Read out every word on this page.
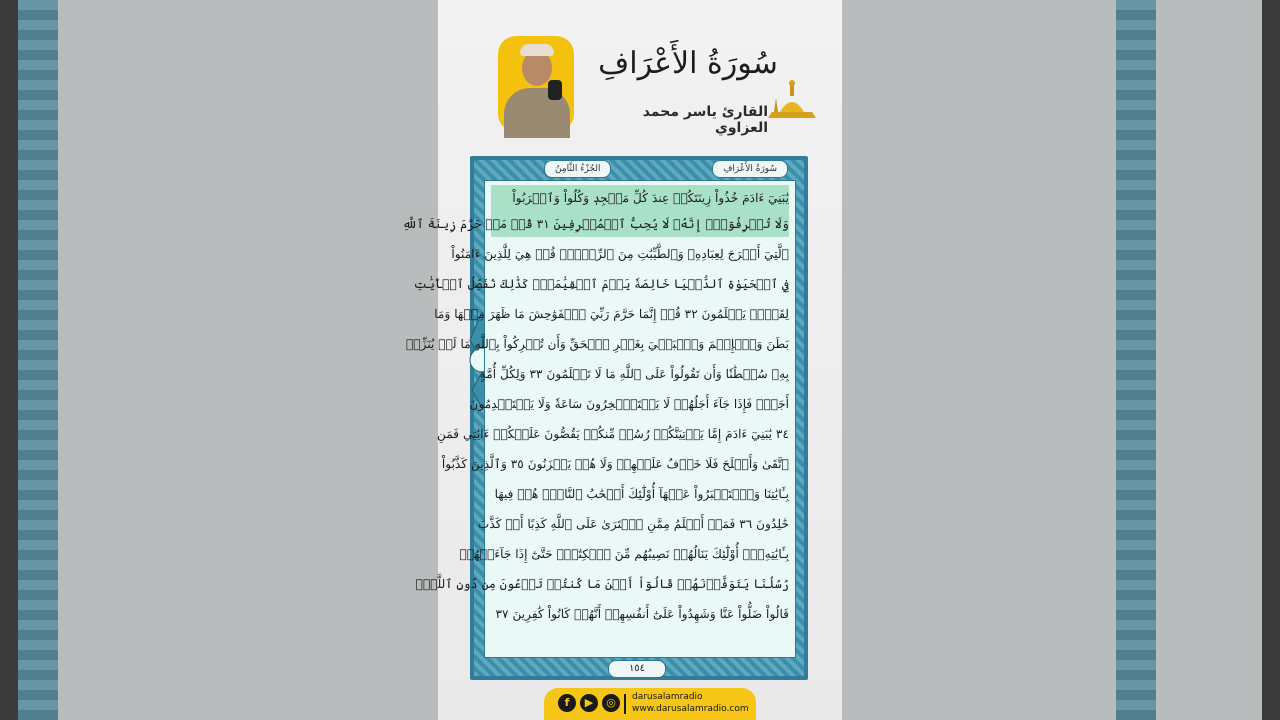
سُورَةُ الأَعْرَافِ
القارئ ياسر محمد العزاوي
الجُزْءُ الثَّامِنُ	سُورَةُ الأَعْرَافِ
يَٰبَنِيٓ ءَادَمَ خُذُواْ زِينَتَكُمۡ عِندَ كُلِّ مَسۡجِدٖ وَكُلُواْ وَٱشۡرَبُواْ
وَلَا تُسۡرِفُوٓاْۚ إِنَّهُۥ لَا يُحِبُّ ٱلۡمُسۡرِفِينَ ٣١ قُلۡ مَنۡ حَرَّمَ زِينَةَ ٱللَّهِ
ٱلَّتِيٓ أَخۡرَجَ لِعِبَادِهِۦ وَٱلطَّيِّبَٰتِ مِنَ ٱلرِّزۡقِۚ قُلۡ هِيَ لِلَّذِينَ ءَامَنُواْ
فِي ٱلۡحَيَوٰةِ ٱلدُّنۡيَا خَالِصَةٗ يَوۡمَ ٱلۡقِيَٰمَةِۗ كَذَٰلِكَ نُفَصِّلُ ٱلۡأٓيَٰتِ
لِقَوۡمٖ يَعۡلَمُونَ ٣٢ قُلۡ إِنَّمَا حَرَّمَ رَبِّيَ ٱلۡفَوَٰحِشَ مَا ظَهَرَ مِنۡهَا وَمَا
بَطَنَ وَٱلۡإِثۡمَ وَٱلۡبَغۡيَ بِغَيۡرِ ٱلۡحَقِّ وَأَن تُشۡرِكُواْ بِٱللَّهِ مَا لَمۡ يُنَزِّلۡ
بِهِۦ سُلۡطَٰنٗا وَأَن تَقُولُواْ عَلَى ٱللَّهِ مَا لَا تَعۡلَمُونَ ٣٣ وَلِكُلِّ أُمَّةٍ
أَجَلٞۖ فَإِذَا جَآءَ أَجَلُهُمۡ لَا يَسۡتَـٔۡخِرُونَ سَاعَةٗ وَلَا يَسۡتَقۡدِمُونَ
٣٤ يَٰبَنِيٓ ءَادَمَ إِمَّا يَأۡتِيَنَّكُمۡ رُسُلٞ مِّنكُمۡ يَقُصُّونَ عَلَيۡكُمۡ ءَايَٰتِي فَمَنِ
ٱتَّقَىٰ وَأَصۡلَحَ فَلَا خَوۡفٌ عَلَيۡهِمۡ وَلَا هُمۡ يَحۡزَنُونَ ٣٥ وَٱلَّذِينَ كَذَّبُواْ
بِـَٔايَٰتِنَا وَٱسۡتَكۡبَرُواْ عَنۡهَآ أُوْلَٰٓئِكَ أَصۡحَٰبُ ٱلنَّارِۖ هُمۡ فِيهَا
خَٰلِدُونَ ٣٦ فَمَنۡ أَظۡلَمُ مِمَّنِ ٱفۡتَرَىٰ عَلَى ٱللَّهِ كَذِبًا أَوۡ كَذَّبَ
بِـَٔايَٰتِهِۦٓۚ أُوْلَٰٓئِكَ يَنَالُهُمۡ نَصِيبُهُم مِّنَ ٱلۡكِتَٰبِۖ حَتَّىٰٓ إِذَا جَآءَتۡهُمۡ
رُسُلُنَا يَتَوَفَّوۡنَهُمۡ قَالُوٓاْ أَيۡنَ مَا كُنتُمۡ تَدۡعُونَ مِن دُونِ ٱللَّهِۖ
قَالُواْ ضَلُّواْ عَنَّا وَشَهِدُواْ عَلَىٰٓ أَنفُسِهِمۡ أَنَّهُمۡ كَانُواْ كَٰفِرِينَ ٣٧
١٥٤
f	▶	◎	darusalamradio
www.darusalamradio.com
